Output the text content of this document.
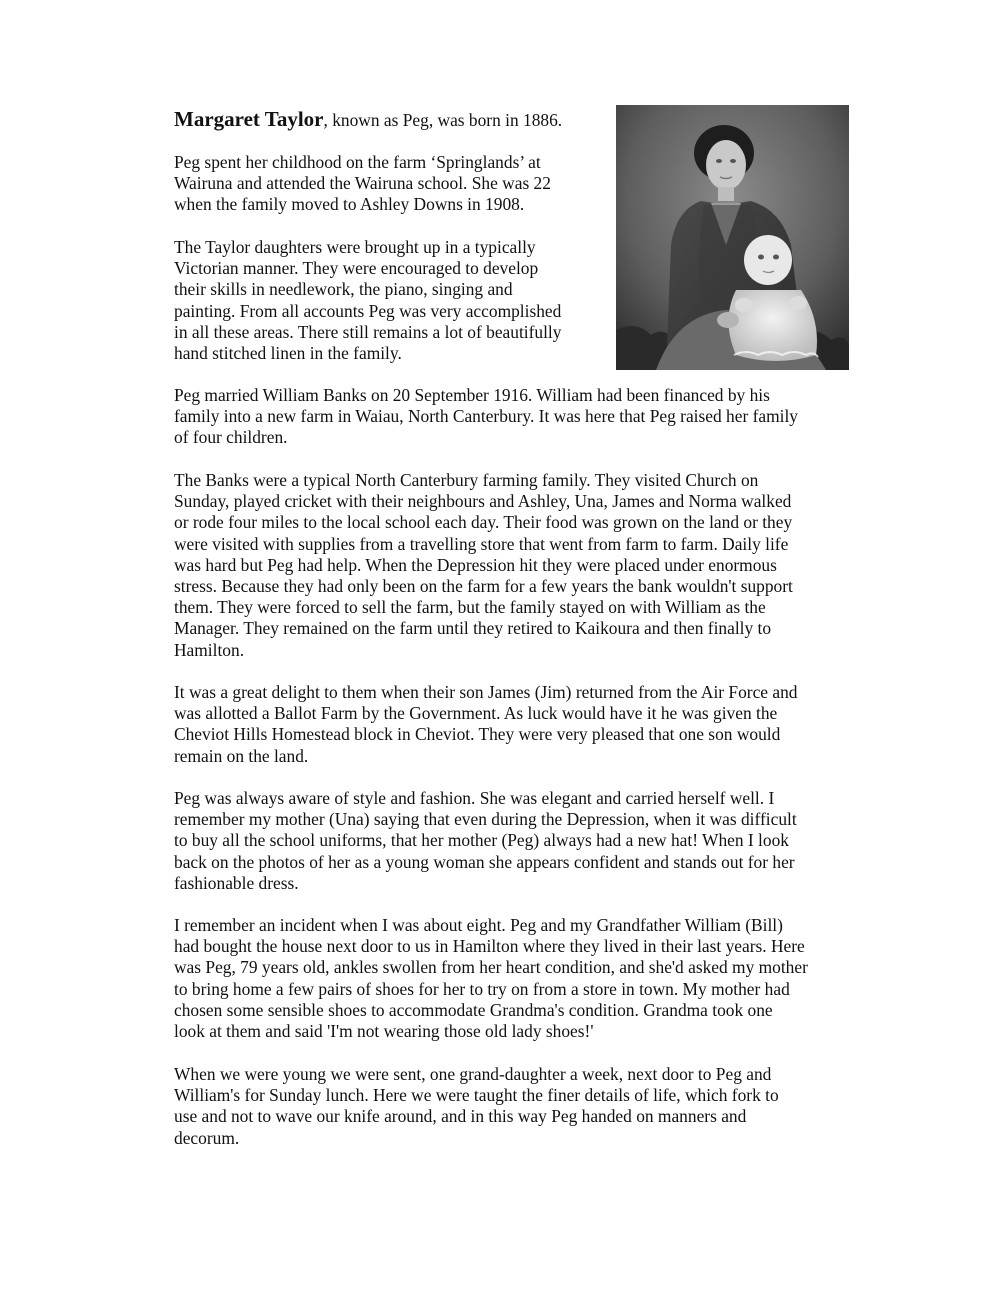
Margaret Taylor, known as Peg, was born in 1886.
Peg spent her childhood on the farm ‘Springlands’ at
Wairuna and attended the Wairuna school. She was 22
when the family moved to Ashley Downs in 1908.
The Taylor daughters were brought up in a typically
Victorian manner. They were encouraged to develop
their skills in needlework, the piano, singing and
painting. From all accounts Peg was very accomplished
in all these areas. There still remains a lot of beautifully
hand stitched linen in the family.
Peg married William Banks on 20 September 1916. William had been financed by his
family into a new farm in Waiau, North Canterbury. It was here that Peg raised her family
of four children.
The Banks were a typical North Canterbury farming family. They visited Church on
Sunday, played cricket with their neighbours and Ashley, Una, James and Norma walked
or rode four miles to the local school each day. Their food was grown on the land or they
were visited with supplies from a travelling store that went from farm to farm. Daily life
was hard but Peg had help. When the Depression hit they were placed under enormous
stress. Because they had only been on the farm for a few years the bank wouldn't support
them. They were forced to sell the farm, but the family stayed on with William as the
Manager. They remained on the farm until they retired to Kaikoura and then finally to
Hamilton.
It was a great delight to them when their son James (Jim) returned from the Air Force and
was allotted a Ballot Farm by the Government. As luck would have it he was given the
Cheviot Hills Homestead block in Cheviot. They were very pleased that one son would
remain on the land.
Peg was always aware of style and fashion. She was elegant and carried herself well. I
remember my mother (Una) saying that even during the Depression, when it was difficult
to buy all the school uniforms, that her mother (Peg) always had a new hat! When I look
back on the photos of her as a young woman she appears confident and stands out for her
fashionable dress.
I remember an incident when I was about eight. Peg and my Grandfather William (Bill)
had bought the house next door to us in Hamilton where they lived in their last years. Here
was Peg, 79 years old, ankles swollen from her heart condition, and she'd asked my mother
to bring home a few pairs of shoes for her to try on from a store in town. My mother had
chosen some sensible shoes to accommodate Grandma's condition. Grandma took one
look at them and said 'I'm not wearing those old lady shoes!'
When we were young we were sent, one grand-daughter a week, next door to Peg and
William's for Sunday lunch. Here we were taught the finer details of life, which fork to
use and not to wave our knife around, and in this way Peg handed on manners and
decorum.
